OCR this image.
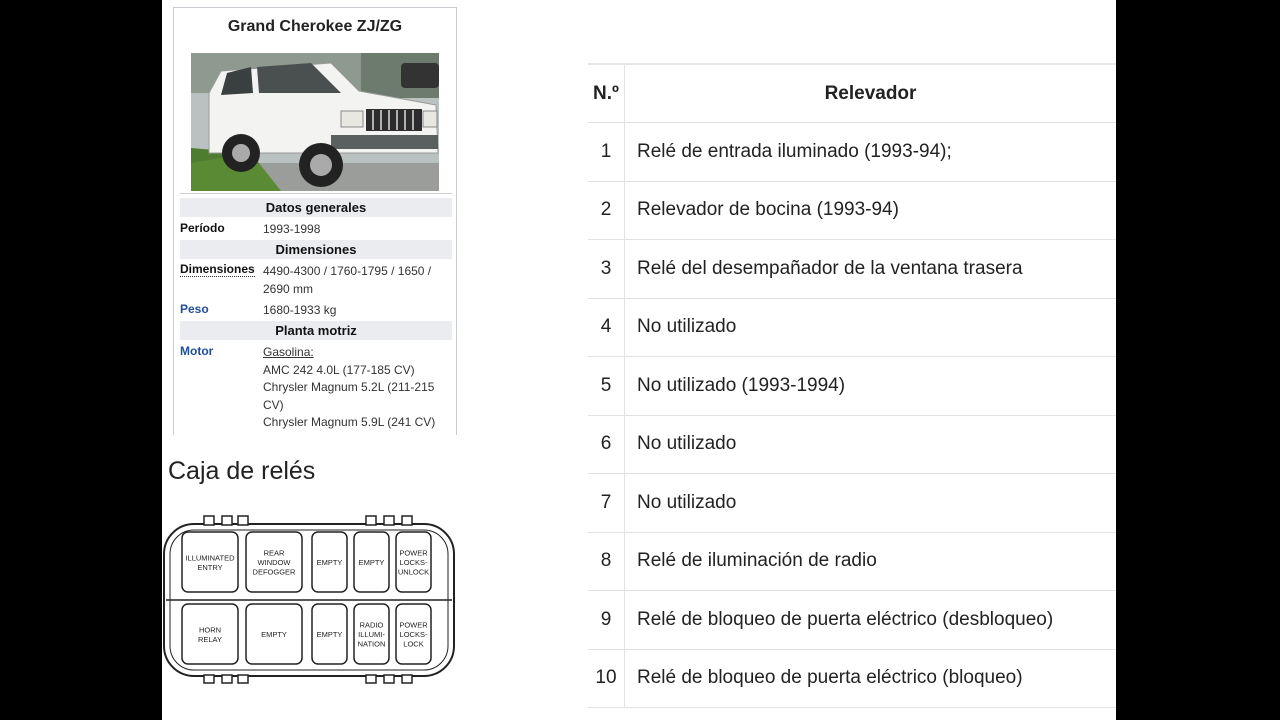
Grand Cherokee ZJ/ZG
Datos generales
Período	1993-1998
Dimensiones
Dimensiones 4490-4300 / 1760-1795 / 1650 / 2690 mm
Peso	1680-1933 kg
Planta motriz
Motor	Gasolina:
AMC 242 4.0L (177-185 CV)
Chrysler Magnum 5.2L (211-215 CV)
Chrysler Magnum 5.9L (241 CV)
Caja de relés
ILLUMINATED ENTRY
REAR WINDOW DEFOGGER
EMPTY EMPTY
POWER LOCKS-UNLOCK
HORN RELAY
EMPTY	EMPTY
RADIO ILLUMI-NATION
POWER LOCKS-LOCK
N.º	Relevador
1	Relé de entrada iluminado (1993-94);
2	Relevador de bocina (1993-94)
3	Relé del desempañador de la ventana trasera
4	No utilizado
5	No utilizado (1993-1994)
6	No utilizado
7	No utilizado
8	Relé de iluminación de radio
9	Relé de bloqueo de puerta eléctrico (desbloqueo)
10	Relé de bloqueo de puerta eléctrico (bloqueo)
